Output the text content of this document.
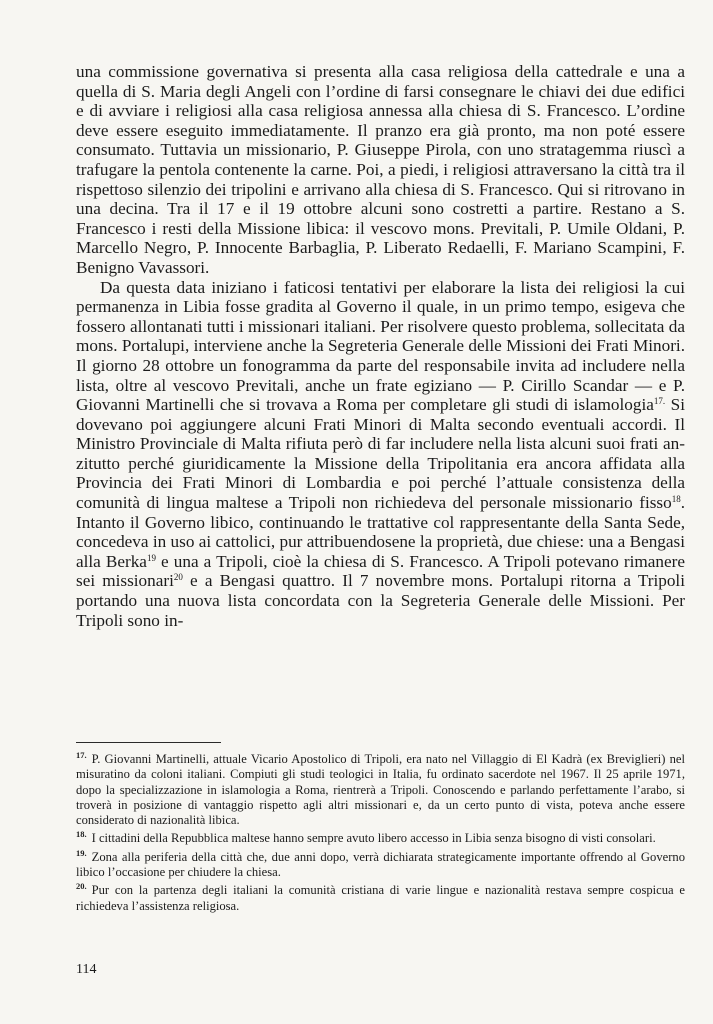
una commissione governativa si presenta alla casa religiosa della cattedrale e una a quella di S. Maria degli Angeli con l’ordine di farsi consegnare le chiavi dei due edifici e di avviare i religiosi alla casa religiosa annessa alla chiesa di S. Francesco. L’ordine deve essere eseguito immediatamente. Il pranzo era già pronto, ma non poté essere consumato. Tuttavia un missionario, P. Giuseppe Pirola, con uno stratagemma riuscì a trafugare la pentola contenente la carne. Poi, a piedi, i religiosi attraversano la città tra il rispettoso silenzio dei tripolini e arrivano alla chiesa di S. Francesco. Qui si ritrovano in una decina. Tra il 17 e il 19 ottobre alcuni sono costretti a partire. Restano a S. Francesco i resti della Missione libica: il vescovo mons. Previtali, P. Umile Oldani, P. Marcello Negro, P. Innocente Barbaglia, P. Liberato Redaelli, F. Mariano Scampini, F. Benigno Vavassori.

Da questa data iniziano i faticosi tentativi per elaborare la lista dei religiosi la cui permanenza in Libia fosse gradita al Governo il quale, in un primo tempo, esigeva che fossero allontanati tutti i missionari italiani. Per risolvere questo problema, sollecitata da mons. Portalupi, interviene anche la Segreteria Generale delle Missioni dei Frati Minori. Il giorno 28 ottobre un fonogramma da parte del responsabile invita ad includere nella lista, oltre al vescovo Previtali, anche un frate egiziano — P. Cirillo Scandar — e P. Giovanni Martinelli che si trovava a Roma per completare gli studi di islamologia$^{17.}$ Si dovevano poi aggiungere alcuni Frati Minori di Malta secondo eventuali accordi. Il Ministro Provinciale di Malta rifiuta però di far includere nella lista alcuni suoi frati anzitutto perché giuridicamente la Missione della Tripolitania era ancora affidata alla Provincia dei Frati Minori di Lombardia e poi perché l’attuale consistenza della comunità di lingua maltese a Tripoli non richiedeva del personale missionario fisso$^{18}$. Intanto il Governo libico, continuando le trattative col rappresentante della Santa Sede, concedeva in uso ai cattolici, pur attribuendosene la proprietà, due chiese: una a Bengasi alla Berka$^{19}$ e una a Tripoli, cioè la chiesa di S. Francesco. A Tripoli potevano rimanere sei missionari$^{20}$ e a Bengasi quattro. Il 7 novembre mons. Portalupi ritorna a Tripoli portando una nuova lista concordata con la Segreteria Generale delle Missioni. Per Tripoli sono in-

$^{17.}$ P. Giovanni Martinelli, attuale Vicario Apostolico di Tripoli, era nato nel Villaggio di El Kadrà (ex Breviglieri) nel misuratino da coloni italiani. Compiuti gli studi teologici in Italia, fu ordinato sacerdote nel 1967. Il 25 aprile 1971, dopo la specializzazione in islamologia a Roma, rientrerà a Tripoli. Conoscendo e parlando perfettamente l’arabo, si troverà in posizione di vantaggio rispetto agli altri missionari e, da un certo punto di vista, poteva anche essere considerato di nazionalità libica.

$^{18.}$ I cittadini della Repubblica maltese hanno sempre avuto libero accesso in Libia senza bisogno di visti consolari.

$^{19.}$ Zona alla periferia della città che, due anni dopo, verrà dichiarata strategicamente importante offrendo al Governo libico l’occasione per chiudere la chiesa.

$^{20.}$ Pur con la partenza degli italiani la comunità cristiana di varie lingue e nazionalità restava sempre cospicua e richiedeva l’assistenza religiosa.

114
